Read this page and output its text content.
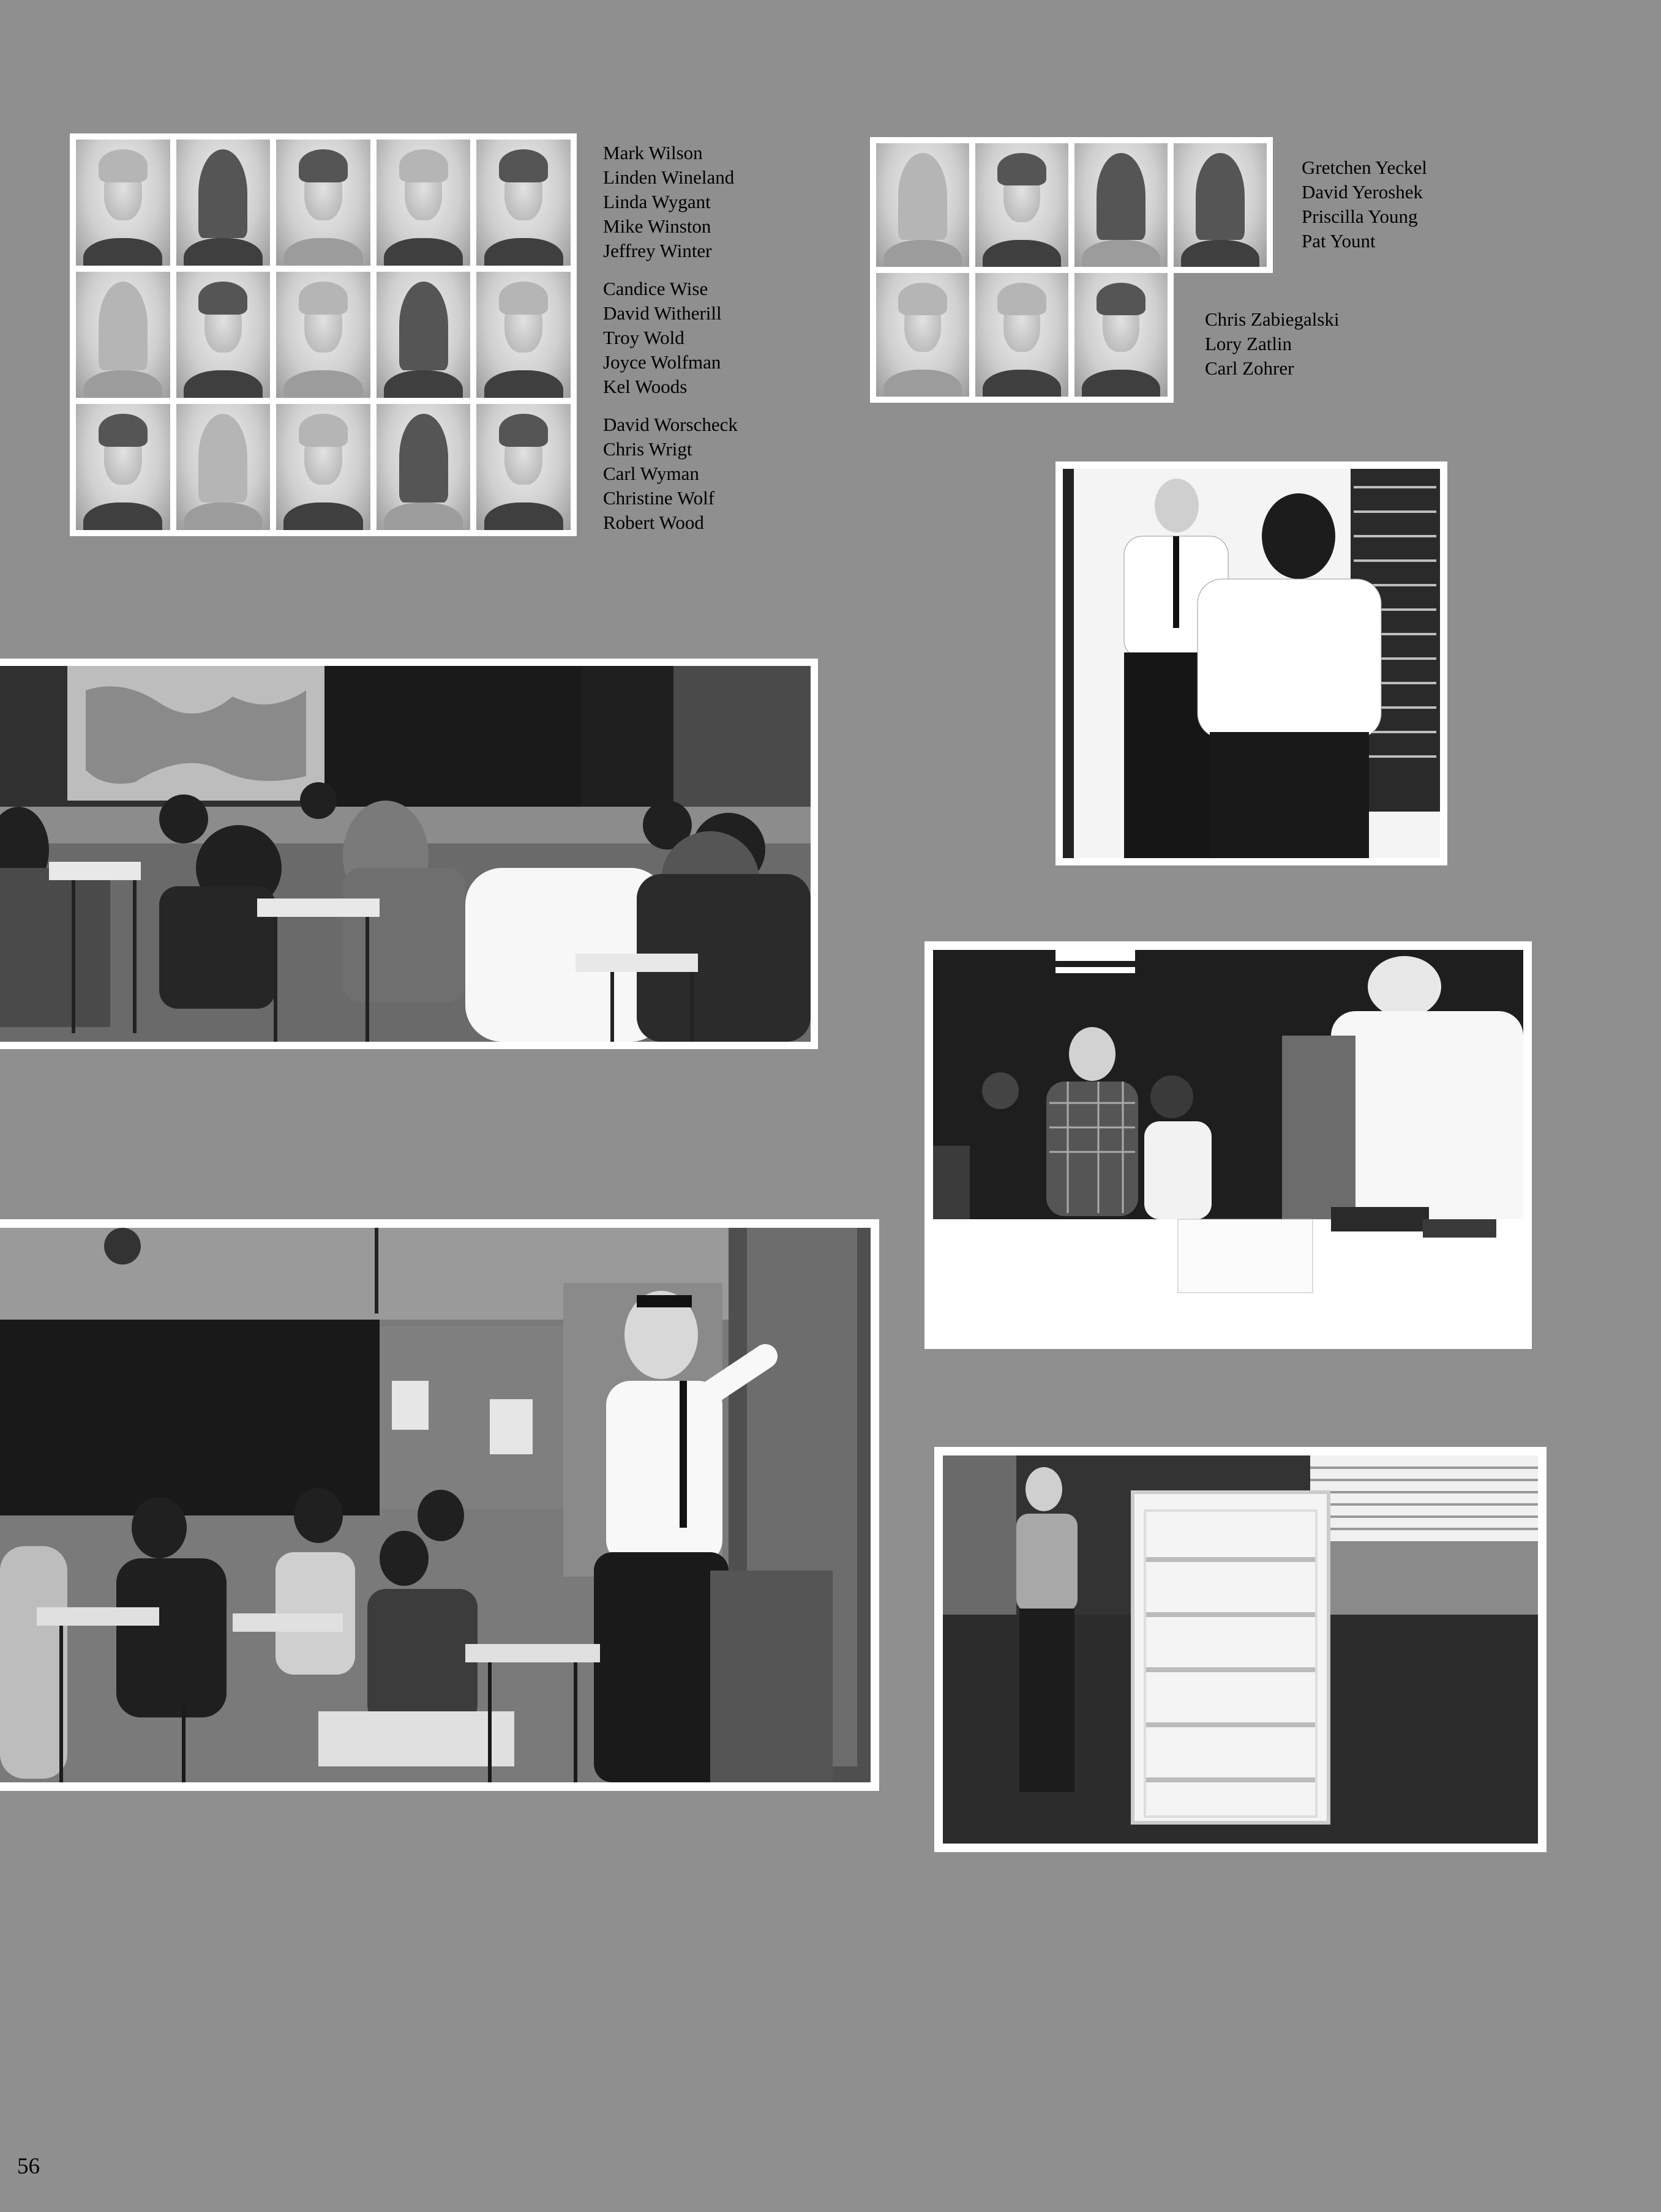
Mark Wilson
Linden Wineland
Linda Wygant
Mike Winston
Jeffrey Winter
Candice Wise
David Witherill
Troy Wold
Joyce Wolfman
Kel Woods
David Worscheck
Chris Wrigt
Carl Wyman
Christine Wolf
Robert Wood
Gretchen Yeckel
David Yeroshek
Priscilla Young
Pat Yount
Chris Zabiegalski
Lory Zatlin
Carl Zohrer
56
